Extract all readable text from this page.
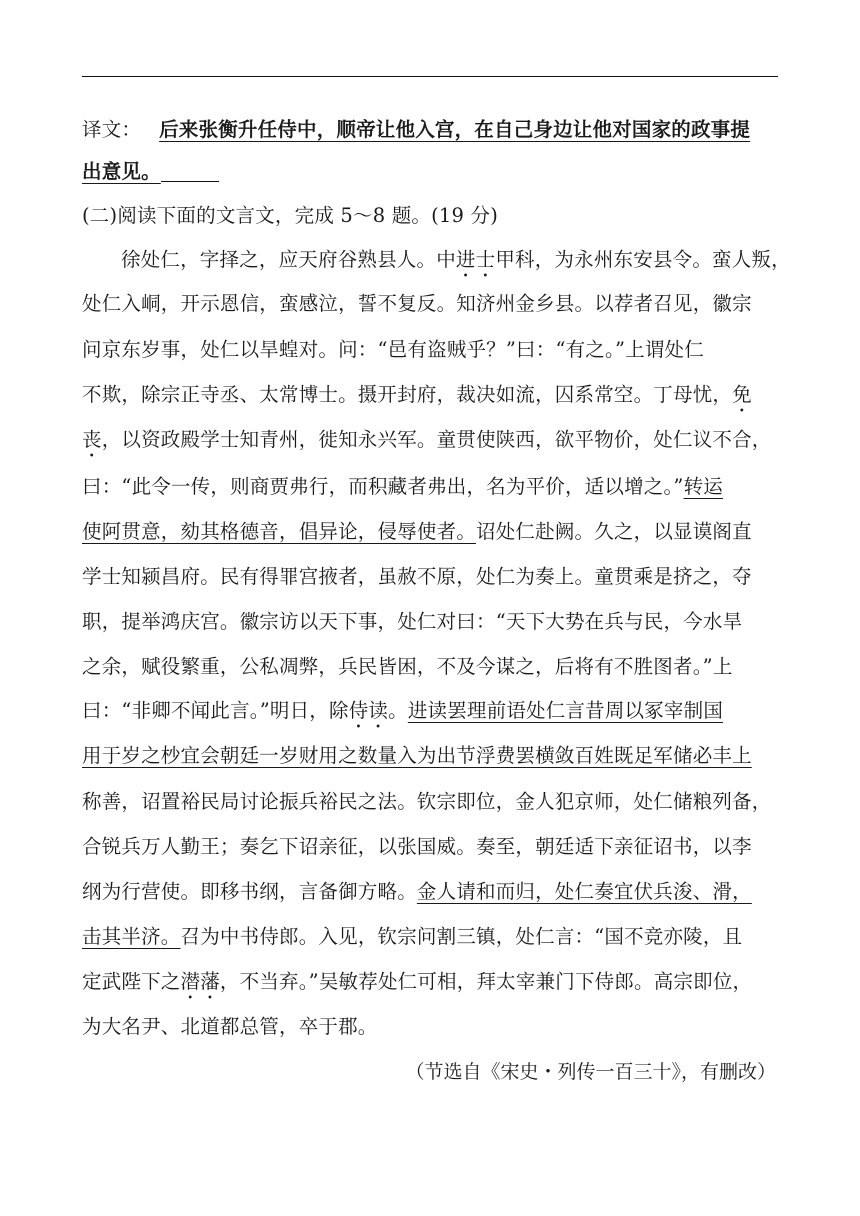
译文： 后来张衡升任侍中，顺帝让他入宫，在自己身边让他对国家的政事提
出意见。
(二)阅读下面的文言文，完成 5～8 题。(19 分)
徐处仁，字择之，应天府谷熟县人。中进士甲科，为永州东安县令。蛮人叛，
处仁入峒，开示恩信，蛮感泣，誓不复反。知济州金乡县。以荐者召见，徽宗
问京东岁事，处仁以旱蝗对。问：“邑有盗贼乎？”曰：“有之。”上谓处仁
不欺，除宗正寺丞、太常博士。摄开封府，裁决如流，囚系常空。丁母忧，免
丧，以资政殿学士知青州，徙知永兴军。童贯使陕西，欲平物价，处仁议不合，
曰：“此令一传，则商贾弗行，而积藏者弗出，名为平价，适以增之。”转运
使阿贯意，劾其格德音，倡异论，侵辱使者。诏处仁赴阙。久之，以显谟阁直
学士知颍昌府。民有得罪宫掖者，虽赦不原，处仁为奏上。童贯乘是挤之，夺
职，提举鸿庆宫。徽宗访以天下事，处仁对曰：“天下大势在兵与民，今水旱
之余，赋役繁重，公私凋弊，兵民皆困，不及今谋之，后将有不胜图者。”上
曰：“非卿不闻此言。”明日，除侍读。进读罢理前语处仁言昔周以冢宰制国
用于岁之杪宜会朝廷一岁财用之数量入为出节浮费罢横敛百姓既足军储必丰上
称善，诏置裕民局讨论振兵裕民之法。钦宗即位，金人犯京师，处仁储粮列备，
合锐兵万人勤王；奏乞下诏亲征，以张国威。奏至，朝廷适下亲征诏书，以李
纲为行营使。即移书纲，言备御方略。金人请和而归，处仁奏宜伏兵浚、滑，
击其半济。召为中书侍郎。入见，钦宗问割三镇，处仁言：“国不竞亦陵，且
定武陛下之潜藩，不当弃。”吴敏荐处仁可相，拜太宰兼门下侍郎。高宗即位，
为大名尹、北道都总管，卒于郡。
（节选自《宋史・列传一百三十》，有删改）
